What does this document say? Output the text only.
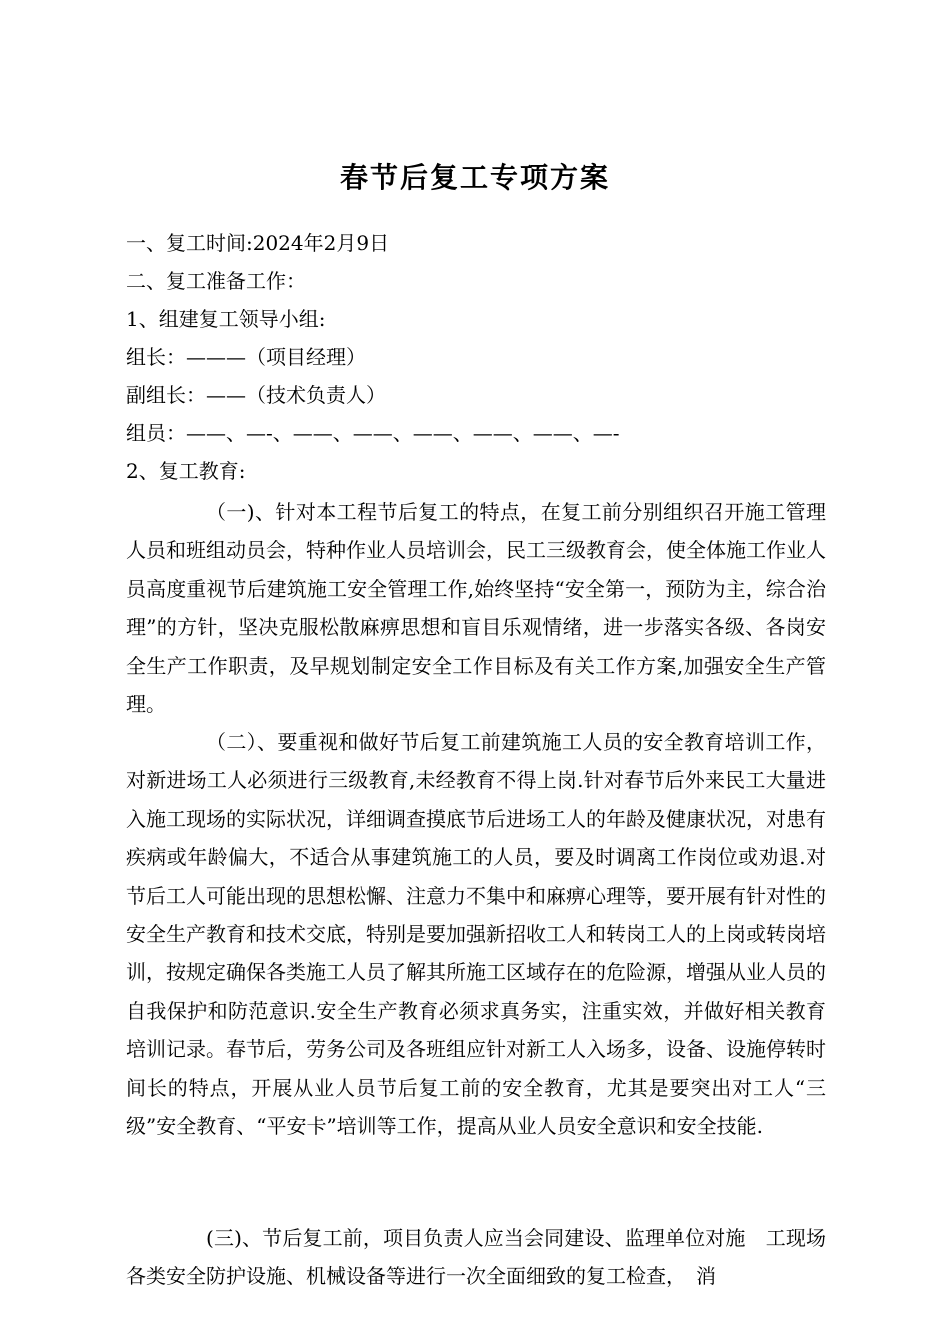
春节后复工专项方案
一、复工时间:2024年2月9日
二、复工准备工作：
1、组建复工领导小组:
组长：———（项目经理）
副组长：——（技术负责人）
组员：——、—-、——、——、——、——、——、—-
2、复工教育:

（一)、针对本工程节后复工的特点，在复工前分别组织召开施工管理人员和班组动员会，特种作业人员培训会，民工三级教育会，使全体施工作业人员高度重视节后建筑施工安全管理工作,始终坚持“安全第一，预防为主，综合治理”的方针，坚决克服松散麻痹思想和盲目乐观情绪，进一步落实各级、各岗安全生产工作职责，及早规划制定安全工作目标及有关工作方案,加强安全生产管理。

（二）、要重视和做好节后复工前建筑施工人员的安全教育培训工作，对新进场工人必须进行三级教育,未经教育不得上岗.针对春节后外来民工大量进入施工现场的实际状况，详细调查摸底节后进场工人的年龄及健康状况，对患有疾病或年龄偏大，不适合从事建筑施工的人员，要及时调离工作岗位或劝退.对节后工人可能出现的思想松懈、注意力不集中和麻痹心理等，要开展有针对性的安全生产教育和技术交底，特别是要加强新招收工人和转岗工人的上岗或转岗培训，按规定确保各类施工人员了解其所施工区域存在的危险源，增强从业人员的自我保护和防范意识.安全生产教育必须求真务实，注重实效，并做好相关教育培训记录。春节后，劳务公司及各班组应针对新工人入场多，设备、设施停转时间长的特点，开展从业人员节后复工前的安全教育，尤其是要突出对工人“三级”安全教育、“平安卡”培训等工作，提高从业人员安全意识和安全技能.

(三)、节后复工前，项目负责人应当会同建设、监理单位对施　工现场各类安全防护设施、机械设备等进行一次全面细致的复工检查，　消
